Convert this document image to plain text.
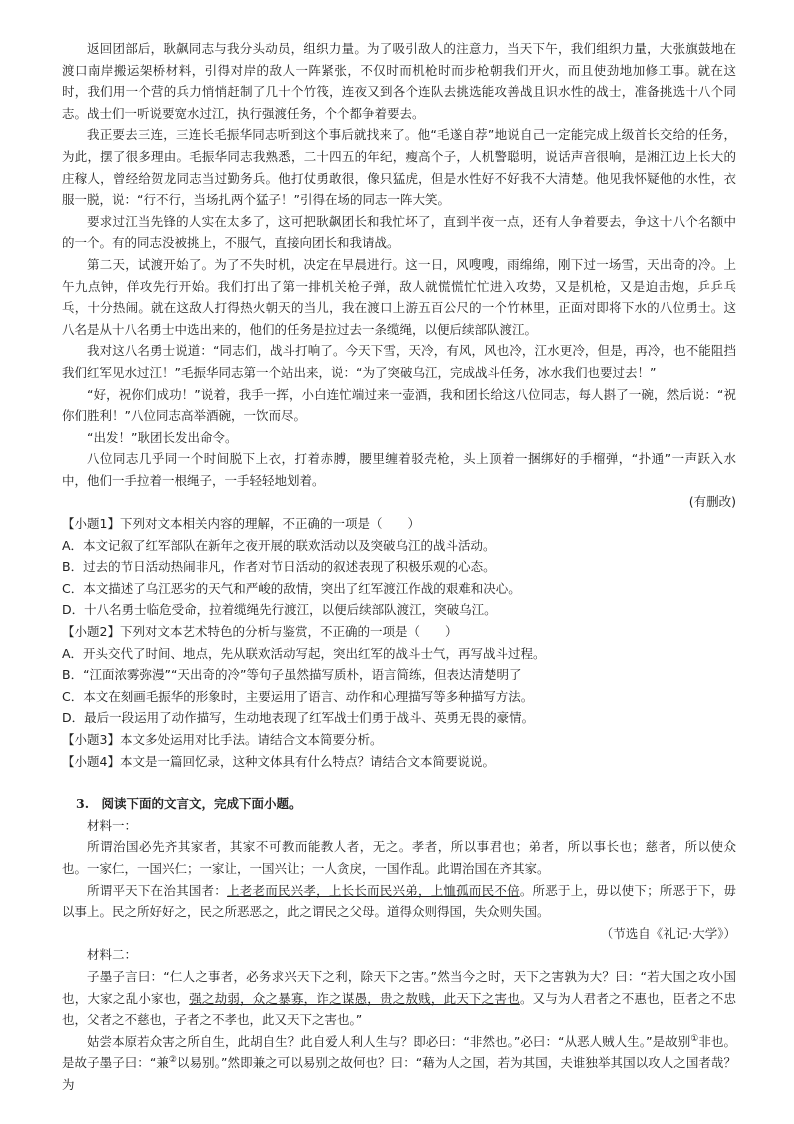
返回团部后，耿飙同志与我分头动员，组织力量。为了吸引敌人的注意力，当天下午，我们组织力量，大张旗鼓地在渡口南岸搬运架桥材料，引得对岸的敌人一阵紧张，不仅时而机枪时而步枪朝我们开火，而且使劲地加修工事。就在这时，我们用一个营的兵力悄悄赶制了几十个竹筏，连夜又到各个连队去挑选能攻善战且识水性的战士，准备挑选十八个同志。战士们一听说要宽水过江，执行强渡任务，个个都争着要去。

我正要去三连，三连长毛振华同志听到这个事后就找来了。他“毛遂自荐”地说自己一定能完成上级首长交给的任务，为此，摆了很多理由。毛振华同志我熟悉，二十四五的年纪，瘦高个子，人机警聪明，说话声音很响，是湘江边上长大的庄稼人，曾经给贺龙同志当过勤务兵。他打仗勇敢很，像只猛虎，但是水性好不好我不大清楚。他见我怀疑他的水性，衣服一脱，说：“行不行，当场扎两个猛子！”引得在场的同志一阵大笑。

要求过江当先锋的人实在太多了，这可把耿飙团长和我忙坏了，直到半夜一点，还有人争着要去，争这十八个名额中的一个。有的同志没被挑上，不服气，直接向团长和我请战。

第二天，试渡开始了。为了不失时机，决定在早晨进行。这一日，风嗖嗖，雨绵绵，刚下过一场雪，天出奇的冷。上午九点钟，佯攻先行开始。我们打出了第一排机关枪子弹，敌人就慌慌忙忙进入攻势，又是机枪，又是迫击炮，乒乒乓乓，十分热闹。就在这敌人打得热火朝天的当儿，我在渡口上游五百公尺的一个竹林里，正面对即将下水的八位勇士。这八名是从十八名勇士中选出来的，他们的任务是拉过去一条缆绳，以便后续部队渡江。

我对这八名勇士说道：“同志们，战斗打响了。今天下雪，天冷，有风，风也冷，江水更冷，但是，再冷，也不能阻挡我们红军见水过江！”毛振华同志第一个站出来，说：“为了突破乌江，完成战斗任务，冰水我们也要过去！”

“好，祝你们成功！”说着，我手一挥，小白连忙端过来一壶酒，我和团长给这八位同志，每人斟了一碗，然后说：“祝你们胜利！”八位同志高举酒碗，一饮而尽。

“出发！”耿团长发出命令。

八位同志几乎同一个时间脱下上衣，打着赤膊，腰里缠着驳壳枪，头上顶着一捆绑好的手榴弹，“扑通”一声跃入水中，他们一手拉着一根绳子，一手轻轻地划着。

(有删改)

【小题1】下列对文本相关内容的理解，不正确的一项是（　　）

A．本文记叙了红军部队在新年之夜开展的联欢活动以及突破乌江的战斗活动。

B．过去的节日活动热闹非凡，作者对节日活动的叙述表现了积极乐观的心态。

C．本文描述了乌江恶劣的天气和严峻的敌情，突出了红军渡江作战的艰难和决心。

D．十八名勇士临危受命，拉着缆绳先行渡江，以便后续部队渡江，突破乌江。

【小题2】下列对文本艺术特色的分析与鉴赏，不正确的一项是（　　）

A．开头交代了时间、地点，先从联欢活动写起，突出红军的战斗士气，再写战斗过程。

B．“江面浓雾弥漫”“天出奇的冷”等句子虽然描写质朴，语言简练，但表达清楚明了

C．本文在刻画毛振华的形象时，主要运用了语言、动作和心理描写等多种描写方法。

D．最后一段运用了动作描写，生动地表现了红军战士们勇于战斗、英勇无畏的豪情。

【小题3】本文多处运用对比手法。请结合文本简要分析。

【小题4】本文是一篇回忆录，这种文体具有什么特点？请结合文本简要说说。

3.　阅读下面的文言文，完成下面小题。

材料一：

所谓治国必先齐其家者，其家不可教而能教人者，无之。孝者，所以事君也；弟者，所以事长也；慈者，所以使众也。一家仁，一国兴仁；一家让，一国兴让；一人贪戾，一国作乱。此谓治国在齐其家。

所谓平天下在治其国者：上老老而民兴孝，上长长而民兴弟，上恤孤而民不倍。所恶于上，毋以使下；所恶于下，毋以事上。民之所好好之，民之所恶恶之，此之谓民之父母。道得众则得国，失众则失国。

（节选自《礼记·大学》）

材料二：

子墨子言曰：“仁人之事者，必务求兴天下之利，除天下之害。”然当今之时，天下之害孰为大？曰：“若大国之攻小国也，大家之乱小家也，强之劫弱，众之暴寡，诈之谋愚，贵之敖贱，此天下之害也。又与为人君者之不惠也，臣者之不忠也，父者之不慈也，子者之不孝也，此又天下之害也。”

姑尝本原若众害之所自生，此胡自生？此自爱人利人生与？即必曰：“非然也。”必曰：“从恶人贼人生。”是故别①非也。是故子墨子曰：“兼②以易别。”然即兼之可以易别之故何也？曰：“藉为人之国，若为其国，夫谁独举其国以攻人之国者哉？为
